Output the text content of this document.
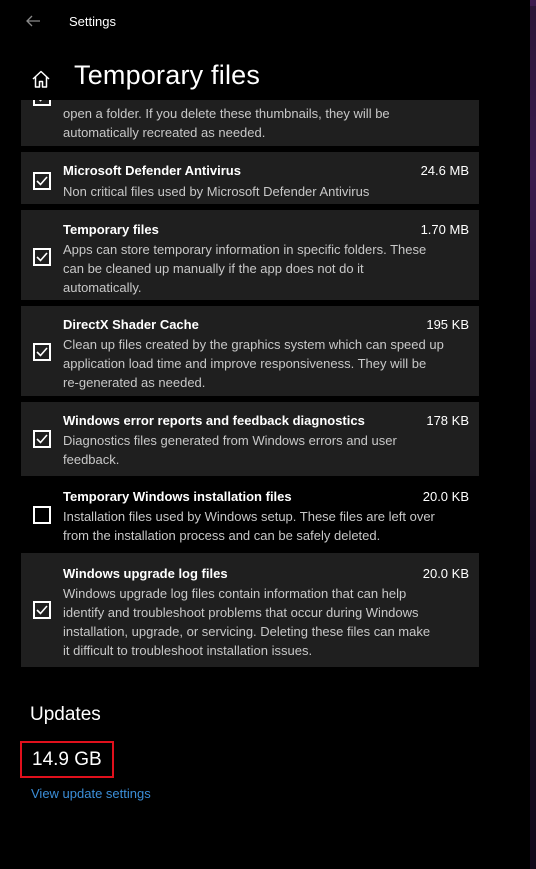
Settings
Temporary files
open a folder. If you delete these thumbnails, they will be
automatically recreated as needed.
Microsoft Defender Antivirus	24.6 MB
Non critical files used by Microsoft Defender Antivirus
Temporary files	1.70 MB
Apps can store temporary information in specific folders. These
can be cleaned up manually if the app does not do it
automatically.
DirectX Shader Cache	195 KB
Clean up files created by the graphics system which can speed up
application load time and improve responsiveness. They will be
re-generated as needed.
Windows error reports and feedback diagnostics	178 KB
Diagnostics files generated from Windows errors and user
feedback.
Temporary Windows installation files	20.0 KB
Installation files used by Windows setup. These files are left over
from the installation process and can be safely deleted.
Windows upgrade log files	20.0 KB
Windows upgrade log files contain information that can help
identify and troubleshoot problems that occur during Windows
installation, upgrade, or servicing. Deleting these files can make
it difficult to troubleshoot installation issues.
Updates
14.9 GB
View update settings
